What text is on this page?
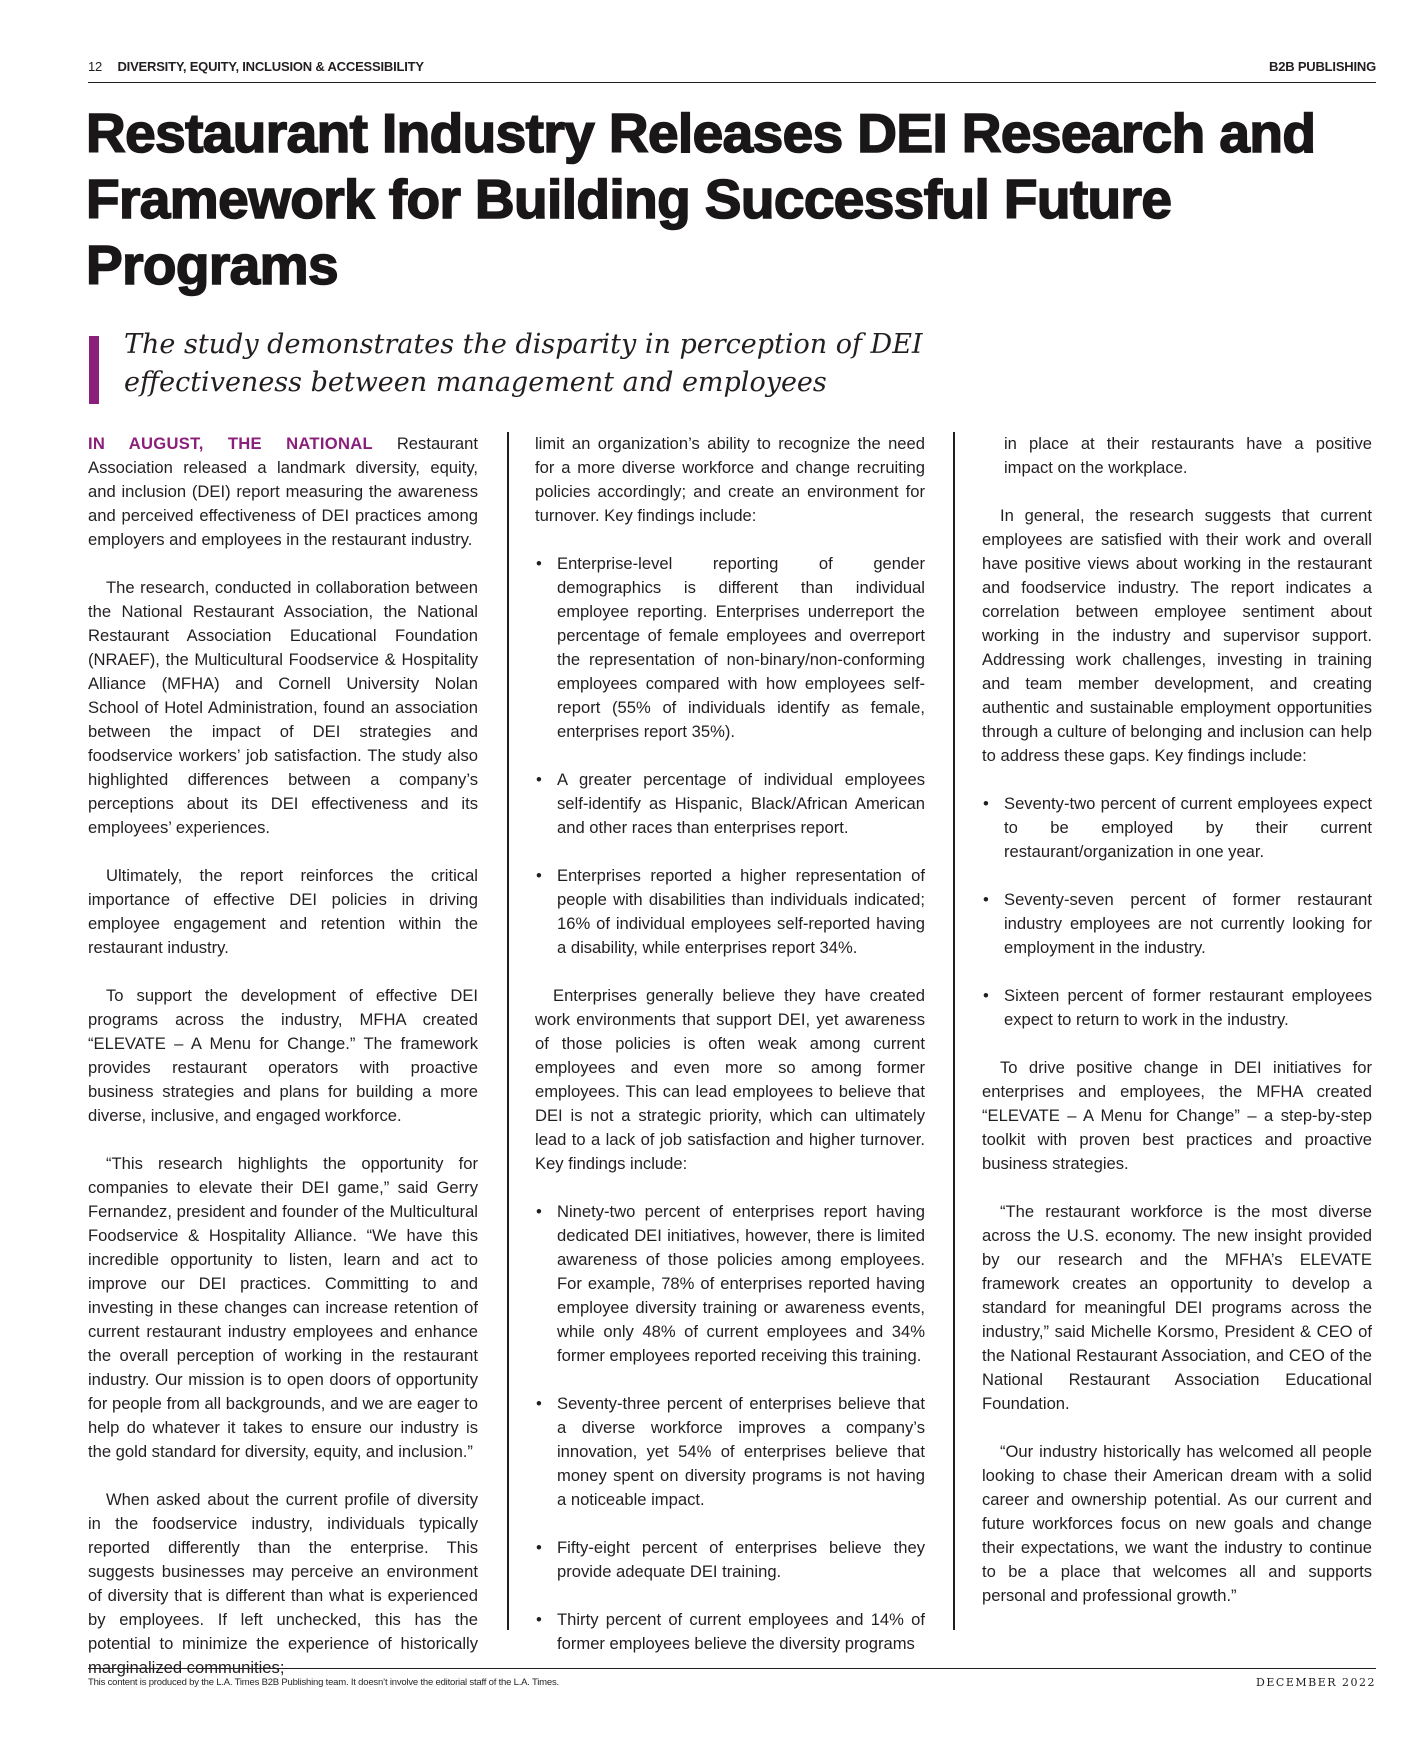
12 DIVERSITY, EQUITY, INCLUSION & ACCESSIBILITY	B2B PUBLISHING
Restaurant Industry Releases DEI Research and Framework for Building Successful Future Programs
The study demonstrates the disparity in perception of DEI effectiveness between management and employees

IN AUGUST, THE NATIONAL Restaurant Association released a landmark diversity, equity, and inclusion (DEI) report measuring the awareness and perceived effectiveness of DEI practices among employers and employees in the restaurant industry.

The research, conducted in collaboration between the National Restaurant Association, the National Restaurant Association Educational Foundation (NRAEF), the Multicultural Foodservice & Hospitality Alliance (MFHA) and Cornell University Nolan School of Hotel Administration, found an association between the impact of DEI strategies and foodservice workers’ job satisfaction. The study also highlighted differences between a company’s perceptions about its DEI effectiveness and its employees’ experiences.

Ultimately, the report reinforces the critical importance of effective DEI policies in driving employee engagement and retention within the restaurant industry.

To support the development of effective DEI programs across the industry, MFHA created “ELEVATE – A Menu for Change.” The framework provides restaurant operators with proactive business strategies and plans for building a more diverse, inclusive, and engaged workforce.

“This research highlights the opportunity for companies to elevate their DEI game,” said Gerry Fernandez, president and founder of the Multicultural Foodservice & Hospitality Alliance. “We have this incredible opportunity to listen, learn and act to improve our DEI practices. Committing to and investing in these changes can increase retention of current restaurant industry employees and enhance the overall perception of working in the restaurant industry. Our mission is to open doors of opportunity for people from all backgrounds, and we are eager to help do whatever it takes to ensure our industry is the gold standard for diversity, equity, and inclusion.”

When asked about the current profile of diversity in the foodservice industry, individuals typically reported differently than the enterprise. This suggests businesses may perceive an environment of diversity that is different than what is experienced by employees. If left unchecked, this has the potential to minimize the experience of historically marginalized communities;

limit an organization’s ability to recognize the need for a more diverse workforce and change recruiting policies accordingly; and create an environment for turnover. Key findings include:

• Enterprise-level reporting of gender demographics is different than individual employee reporting. Enterprises underreport the percentage of female employees and overreport the representation of non-binary/non-conforming employees compared with how employees self-report (55% of individuals identify as female, enterprises report 35%).
• A greater percentage of individual employees self-identify as Hispanic, Black/African American and other races than enterprises report.
• Enterprises reported a higher representation of people with disabilities than individuals indicated; 16% of individual employees self-reported having a disability, while enterprises report 34%.

Enterprises generally believe they have created work environments that support DEI, yet awareness of those policies is often weak among current employees and even more so among former employees. This can lead employees to believe that DEI is not a strategic priority, which can ultimately lead to a lack of job satisfaction and higher turnover. Key findings include:

• Ninety-two percent of enterprises report having dedicated DEI initiatives, however, there is limited awareness of those policies among employees. For example, 78% of enterprises reported having employee diversity training or awareness events, while only 48% of current employees and 34% former employees reported receiving this training.
• Seventy-three percent of enterprises believe that a diverse workforce improves a company’s innovation, yet 54% of enterprises believe that money spent on diversity programs is not having a noticeable impact.
• Fifty-eight percent of enterprises believe they provide adequate DEI training.
• Thirty percent of current employees and 14% of former employees believe the diversity programs

in place at their restaurants have a positive impact on the workplace.

In general, the research suggests that current employees are satisfied with their work and overall have positive views about working in the restaurant and foodservice industry. The report indicates a correlation between employee sentiment about working in the industry and supervisor support. Addressing work challenges, investing in training and team member development, and creating authentic and sustainable employment opportunities through a culture of belonging and inclusion can help to address these gaps. Key findings include:

• Seventy-two percent of current employees expect to be employed by their current restaurant/organization in one year.
• Seventy-seven percent of former restaurant industry employees are not currently looking for employment in the industry.
• Sixteen percent of former restaurant employees expect to return to work in the industry.

To drive positive change in DEI initiatives for enterprises and employees, the MFHA created “ELEVATE – A Menu for Change” – a step-by-step toolkit with proven best practices and proactive business strategies.

“The restaurant workforce is the most diverse across the U.S. economy. The new insight provided by our research and the MFHA’s ELEVATE framework creates an opportunity to develop a standard for meaningful DEI programs across the industry,” said Michelle Korsmo, President & CEO of the National Restaurant Association, and CEO of the National Restaurant Association Educational Foundation.

“Our industry historically has welcomed all people looking to chase their American dream with a solid career and ownership potential. As our current and future workforces focus on new goals and change their expectations, we want the industry to continue to be a place that welcomes all and supports personal and professional growth.”

This content is produced by the L.A. Times B2B Publishing team. It doesn’t involve the editorial staff of the L.A. Times.	DECEMBER 2022
